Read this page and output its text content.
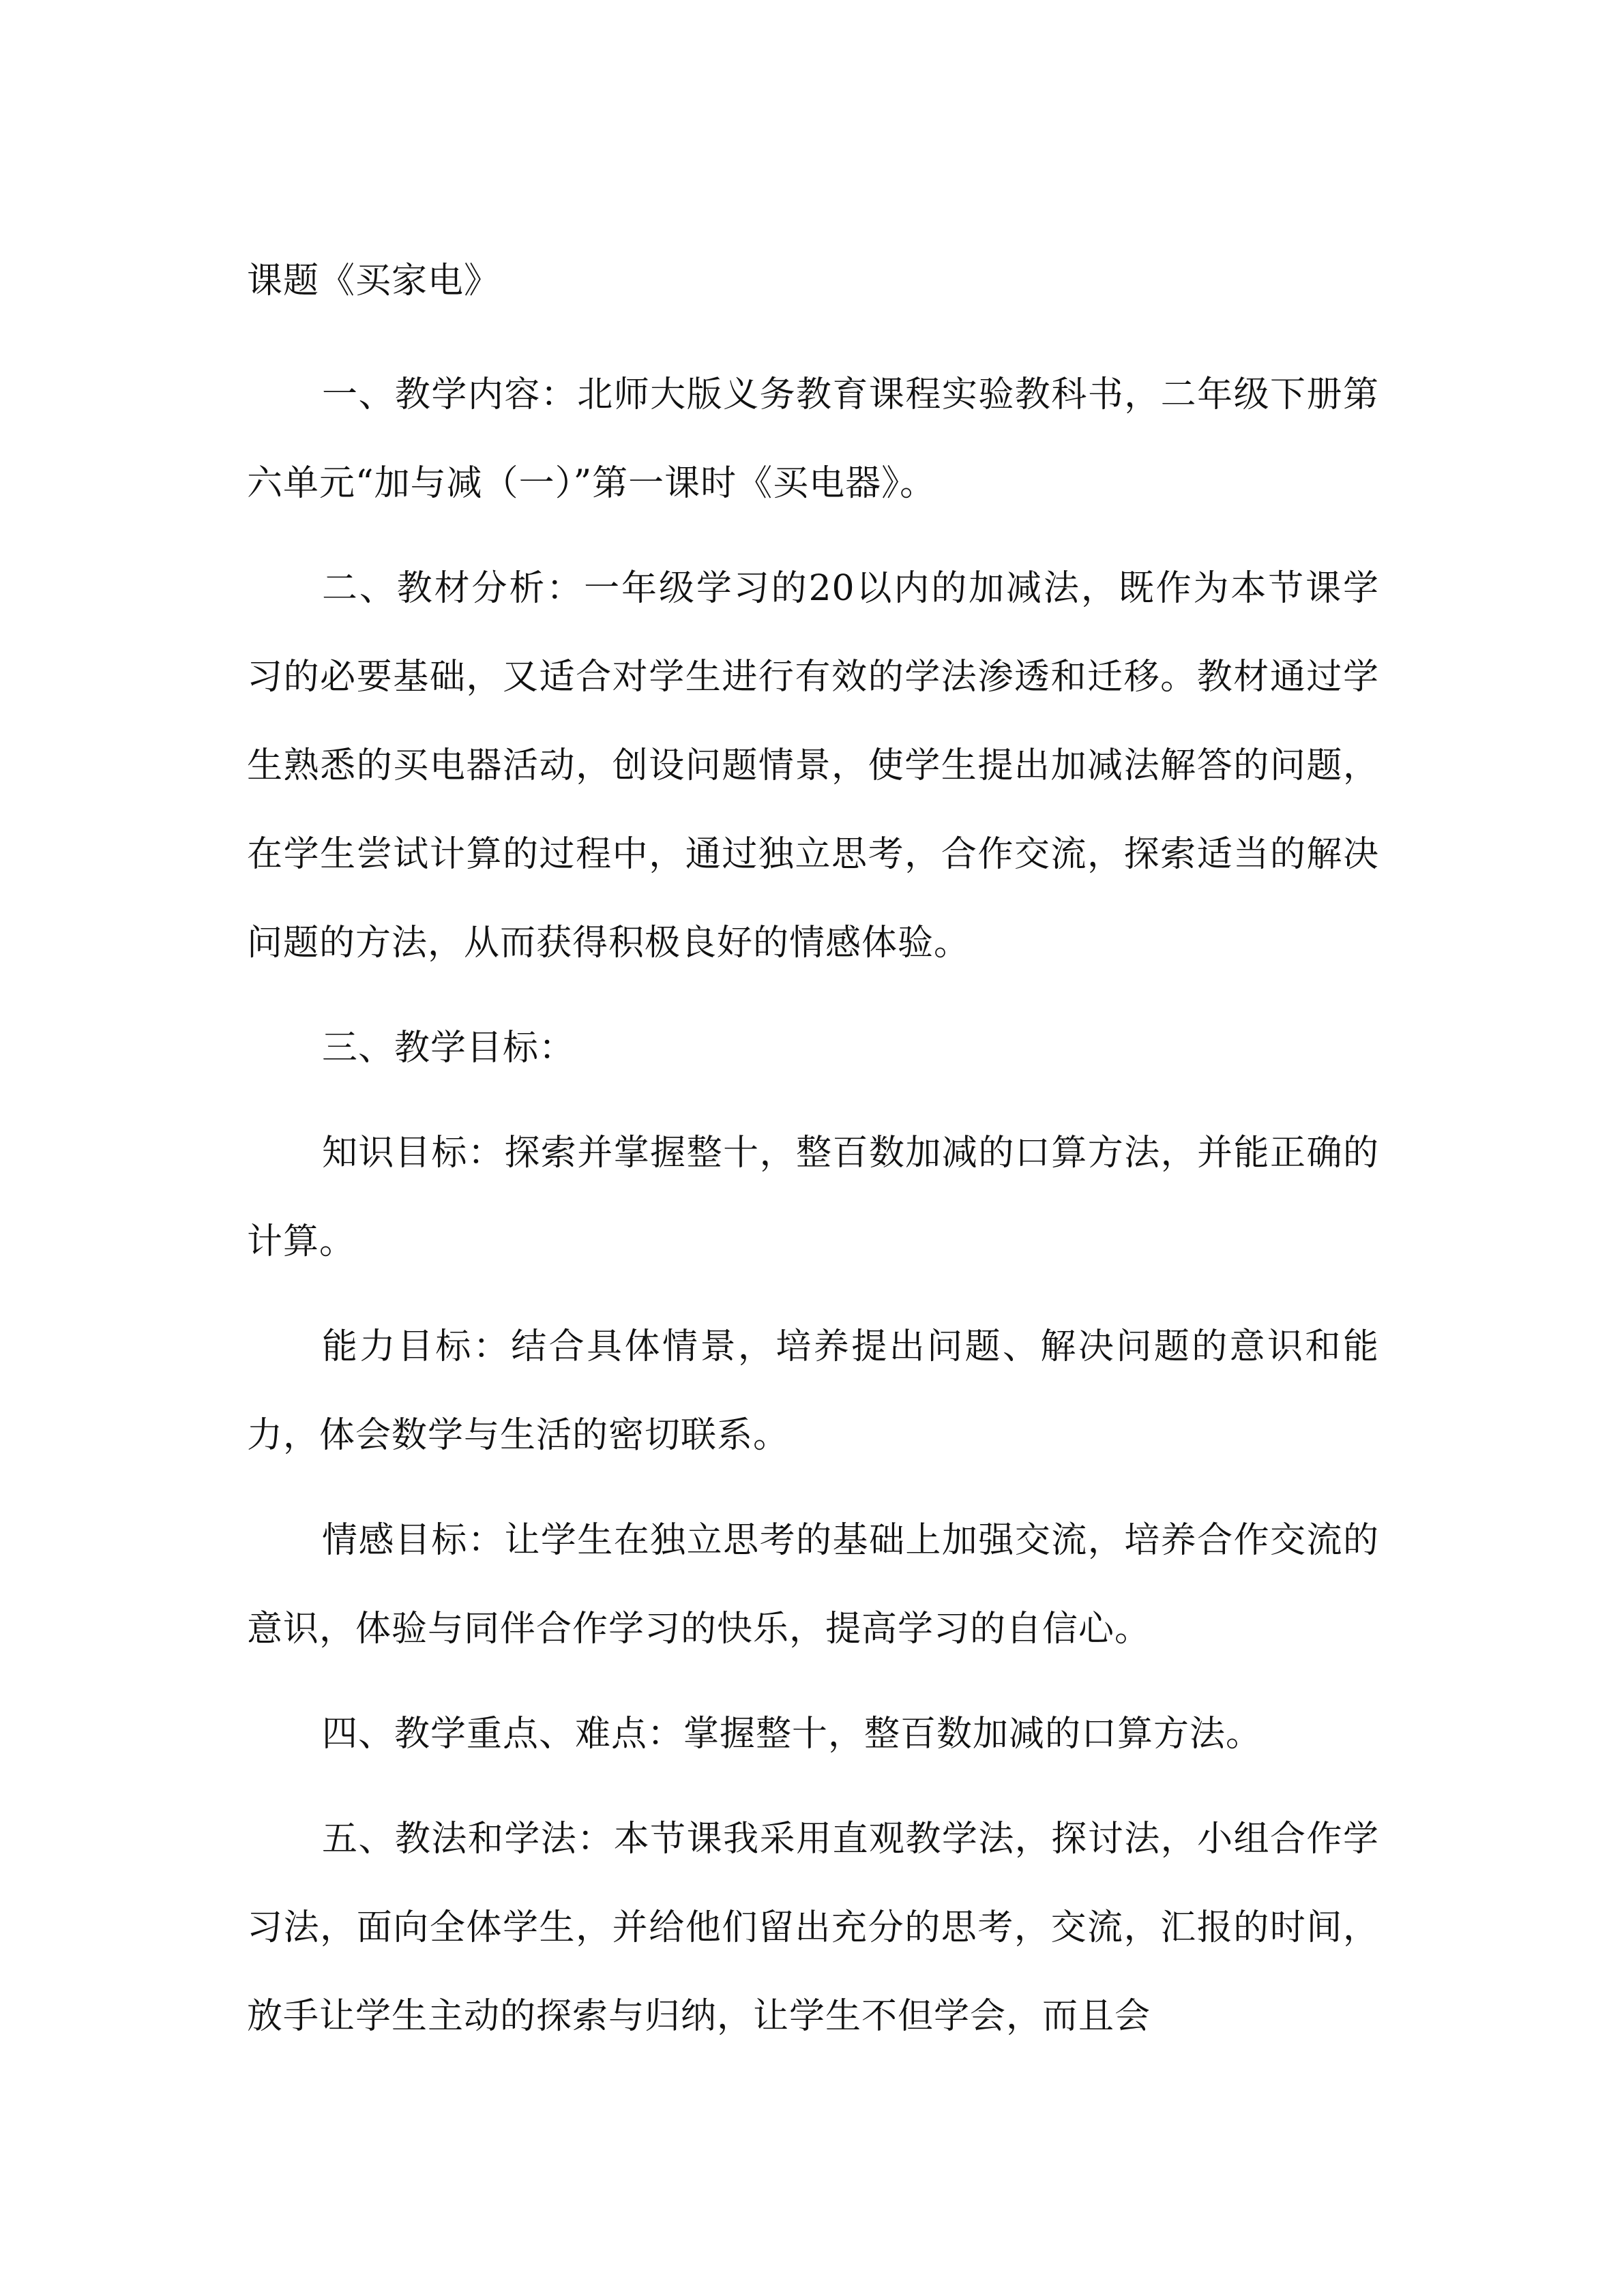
课题《买家电》

一、教学内容：北师大版义务教育课程实验教科书，二年级下册第六单元“加与减（一）”第一课时《买电器》。

二、教材分析：一年级学习的20以内的加减法，既作为本节课学习的必要基础，又适合对学生进行有效的学法渗透和迁移。教材通过学生熟悉的买电器活动，创设问题情景，使学生提出加减法解答的问题，在学生尝试计算的过程中，通过独立思考，合作交流，探索适当的解决问题的方法，从而获得积极良好的情感体验。

三、教学目标：

知识目标：探索并掌握整十，整百数加减的口算方法，并能正确的计算。

能力目标：结合具体情景，培养提出问题、解决问题的意识和能力，体会数学与生活的密切联系。

情感目标：让学生在独立思考的基础上加强交流，培养合作交流的意识，体验与同伴合作学习的快乐，提高学习的自信心。

四、教学重点、难点：掌握整十，整百数加减的口算方法。

五、教法和学法：本节课我采用直观教学法，探讨法，小组合作学习法，面向全体学生，并给他们留出充分的思考，交流，汇报的时间，放手让学生主动的探索与归纳，让学生不但学会，而且会
